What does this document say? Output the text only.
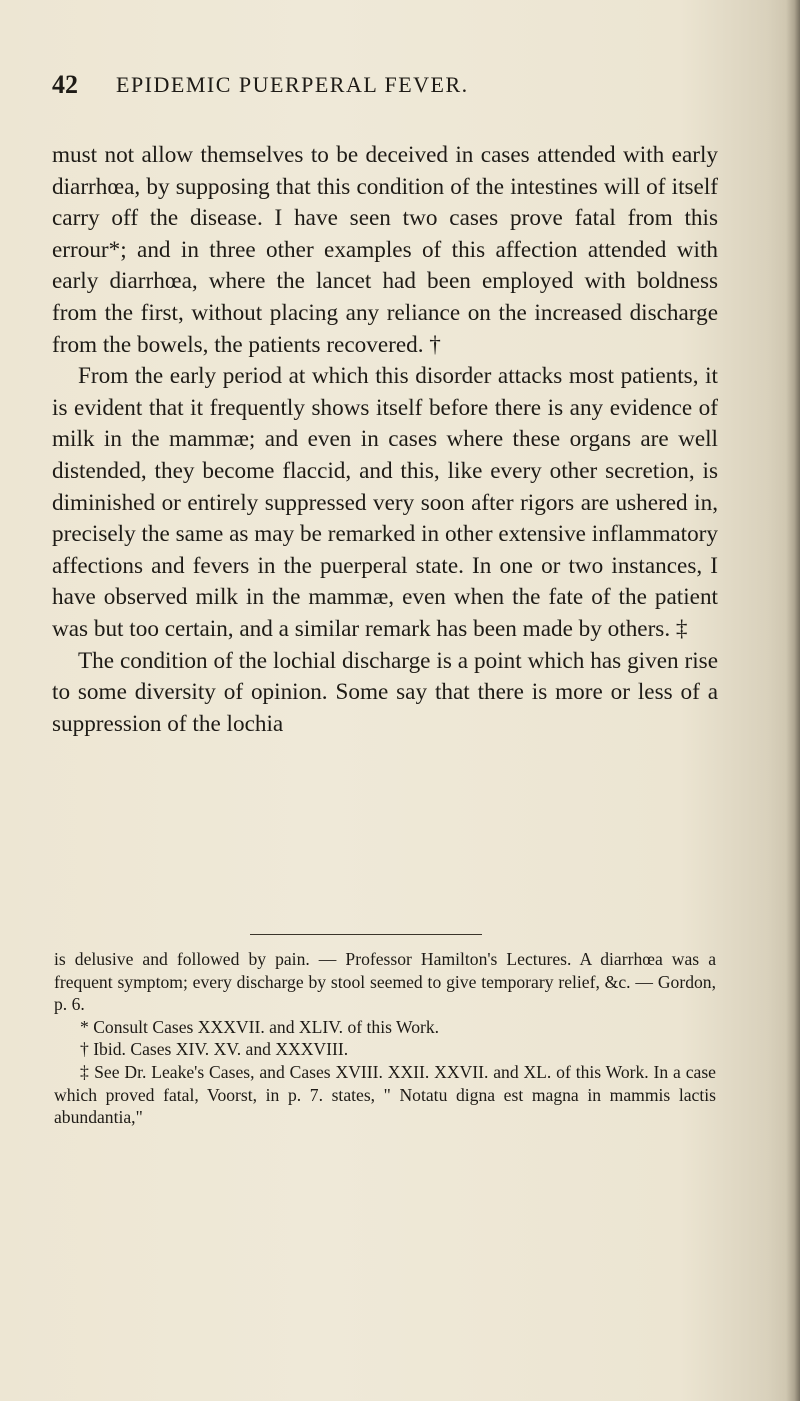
42 EPIDEMIC PUERPERAL FEVER.

must not allow themselves to be deceived in cases attended with early diarrhœa, by supposing that this condition of the intestines will of itself carry off the disease. I have seen two cases prove fatal from this errour*; and in three other examples of this affection attended with early diarrhœa, where the lancet had been employed with boldness from the first, without placing any reliance on the increased discharge from the bowels, the patients recovered. †

From the early period at which this disorder attacks most patients, it is evident that it frequently shows itself before there is any evidence of milk in the mammæ; and even in cases where these organs are well distended, they become flaccid, and this, like every other secretion, is diminished or entirely suppressed very soon after rigors are ushered in, precisely the same as may be remarked in other extensive inflammatory affections and fevers in the puerperal state. In one or two instances, I have observed milk in the mammæ, even when the fate of the patient was but too certain, and a similar remark has been made by others. ‡

The condition of the lochial discharge is a point which has given rise to some diversity of opinion. Some say that there is more or less of a suppression of the lochia

is delusive and followed by pain. — Professor Hamilton's Lectures. A diarrhœa was a frequent symptom; every discharge by stool seemed to give temporary relief, &c. — Gordon, p. 6.

* Consult Cases XXXVII. and XLIV. of this Work.

† Ibid. Cases XIV. XV. and XXXVIII.

‡ See Dr. Leake's Cases, and Cases XVIII. XXII. XXVII. and XL. of this Work. In a case which proved fatal, Voorst, in p. 7. states, " Notatu digna est magna in mammis lactis abundantia,"
